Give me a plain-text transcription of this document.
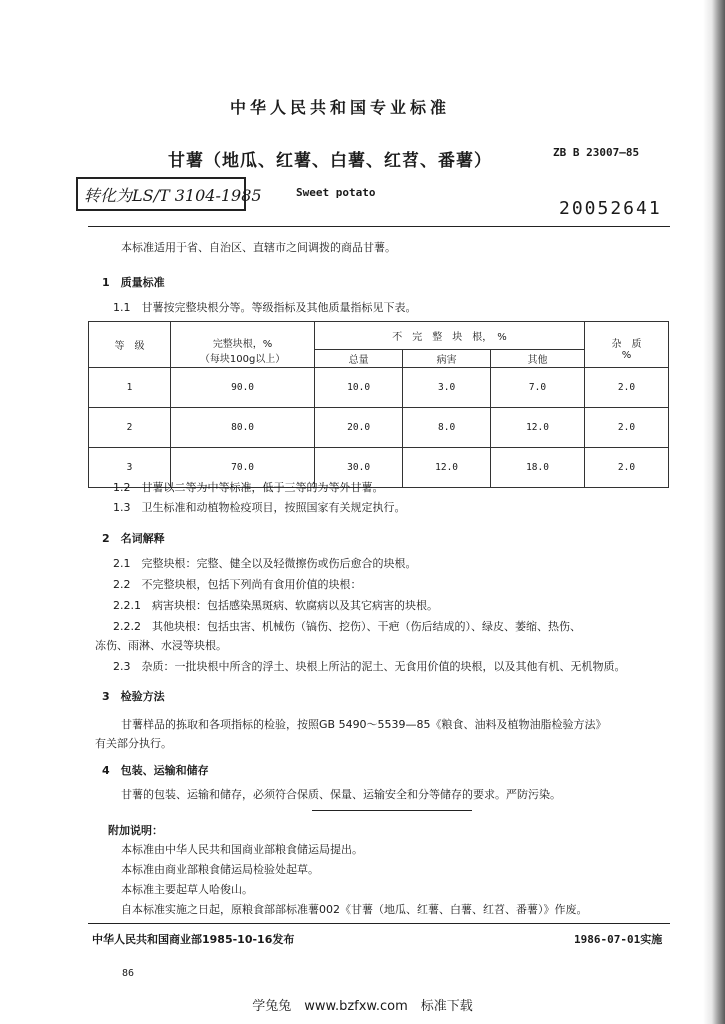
中华人民共和国专业标准
甘薯（地瓜、红薯、白薯、红苕、番薯）	ZB B 23007—85
转化为LS/T 3104-1985	Sweet potato
20052641
本标准适用于省、自治区、直辖市之间调拨的商品甘薯。
1　质量标准
1.1　甘薯按完整块根分等。等级指标及其他质量指标见下表。
等　级	完整块根，%	不　完　整　块　根，　%			杂　质
	（每块100g以上）	总量	病害	其他	%
1	90.0	10.0	3.0	7.0	2.0
2	80.0	20.0	8.0	12.0	2.0
3	70.0	30.0	12.0	18.0	2.0
1.2　甘薯以二等为中等标准，低于三等的为等外甘薯。
1.3　卫生标准和动植物检疫项目，按照国家有关规定执行。
2　名词解释
2.1　完整块根：完整、健全以及轻微擦伤或伤后愈合的块根。
2.2　不完整块根，包括下列尚有食用价值的块根：
2.2.1　病害块根：包括感染黑斑病、软腐病以及其它病害的块根。
2.2.2　其他块根：包括虫害、机械伤（镐伤、挖伤）、干疤（伤后结成的）、绿皮、萎缩、热伤、
冻伤、雨淋、水浸等块根。
2.3　杂质：一批块根中所含的浮土、块根上所沾的泥土、无食用价值的块根，以及其他有机、无机物质。
3　检验方法
甘薯样品的拣取和各项指标的检验，按照GB 5490～5539—85《粮食、油料及植物油脂检验方法》
有关部分执行。
4　包装、运输和储存
甘薯的包装、运输和储存，必须符合保质、保量、运输安全和分等储存的要求。严防污染。
附加说明：
本标准由中华人民共和国商业部粮食储运局提出。
本标准由商业部粮食储运局检验处起草。
本标准主要起草人哈俊山。
自本标准实施之日起，原粮食部部标准薯002《甘薯（地瓜、红薯、白薯、红苕、番薯）》作废。
中华人民共和国商业部1985-10-16发布	1986-07-01实施
86
学兔兔　www.bzfxw.com　标准下载
